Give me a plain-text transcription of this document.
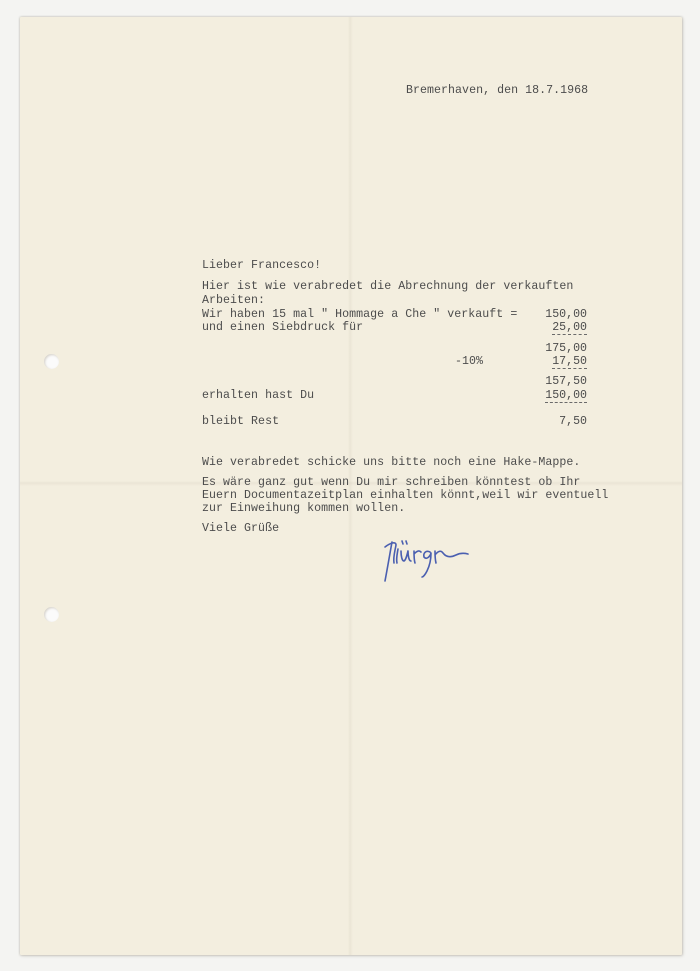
Bremerhaven, den 18.7.1968
Lieber Francesco!
Hier ist wie verabredet die Abrechnung der verkauften
Arbeiten:
Wir haben 15 mal " Hommage a Che " verkauft =
und einen Siebdruck für
-10%
erhalten hast Du
bleibt Rest
150,00
25,00
175,00
17,50
157,50
150,00
7,50
Wie verabredet schicke uns bitte noch eine Hake-Mappe.
Es wäre ganz gut wenn Du mir schreiben könntest ob Ihr
Euern Documentazeitplan einhalten könnt,weil wir eventuell
zur Einweihung kommen wollen.
Viele Grüße
